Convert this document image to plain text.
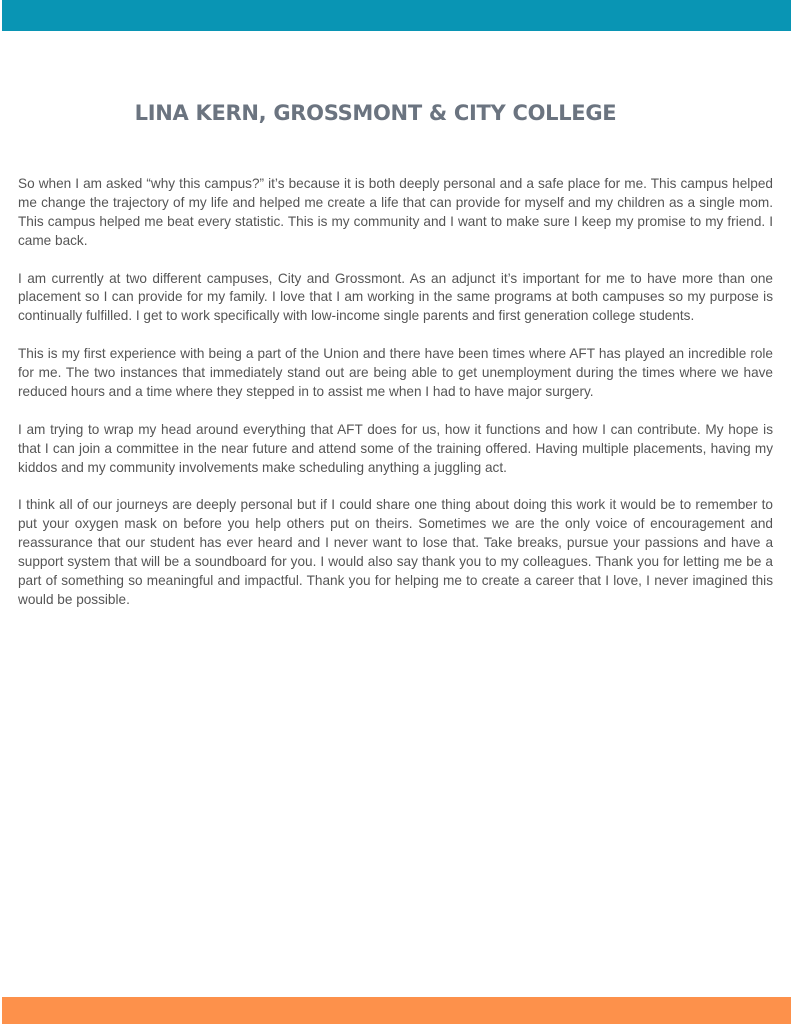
LINA KERN, GROSSMONT & CITY COLLEGE

So when I am asked “why this campus?” it’s because it is both deeply personal and a safe place for me. This campus helped me change the trajectory of my life and helped me create a life that can provide for myself and my children as a single mom. This campus helped me beat every statistic. This is my community and I want to make sure I keep my promise to my friend. I came back.

I am currently at two different campuses, City and Grossmont. As an adjunct it’s important for me to have more than one placement so I can provide for my family. I love that I am working in the same programs at both campuses so my purpose is continually fulfilled. I get to work specifically with low-income single parents and first generation college students.

This is my first experience with being a part of the Union and there have been times where AFT has played an incredible role for me. The two instances that immediately stand out are being able to get unemployment during the times where we have reduced hours and a time where they stepped in to assist me when I had to have major surgery.

I am trying to wrap my head around everything that AFT does for us, how it functions and how I can contribute. My hope is that I can join a committee in the near future and attend some of the training offered. Having multiple placements, having my kiddos and my community involvements make scheduling anything a juggling act.

I think all of our journeys are deeply personal but if I could share one thing about doing this work it would be to remember to put your oxygen mask on before you help others put on theirs. Sometimes we are the only voice of encouragement and reassurance that our student has ever heard and I never want to lose that. Take breaks, pursue your passions and have a support system that will be a soundboard for you. I would also say thank you to my colleagues. Thank you for letting me be a part of something so meaningful and impactful. Thank you for helping me to create a career that I love, I never imagined this would be possible.
